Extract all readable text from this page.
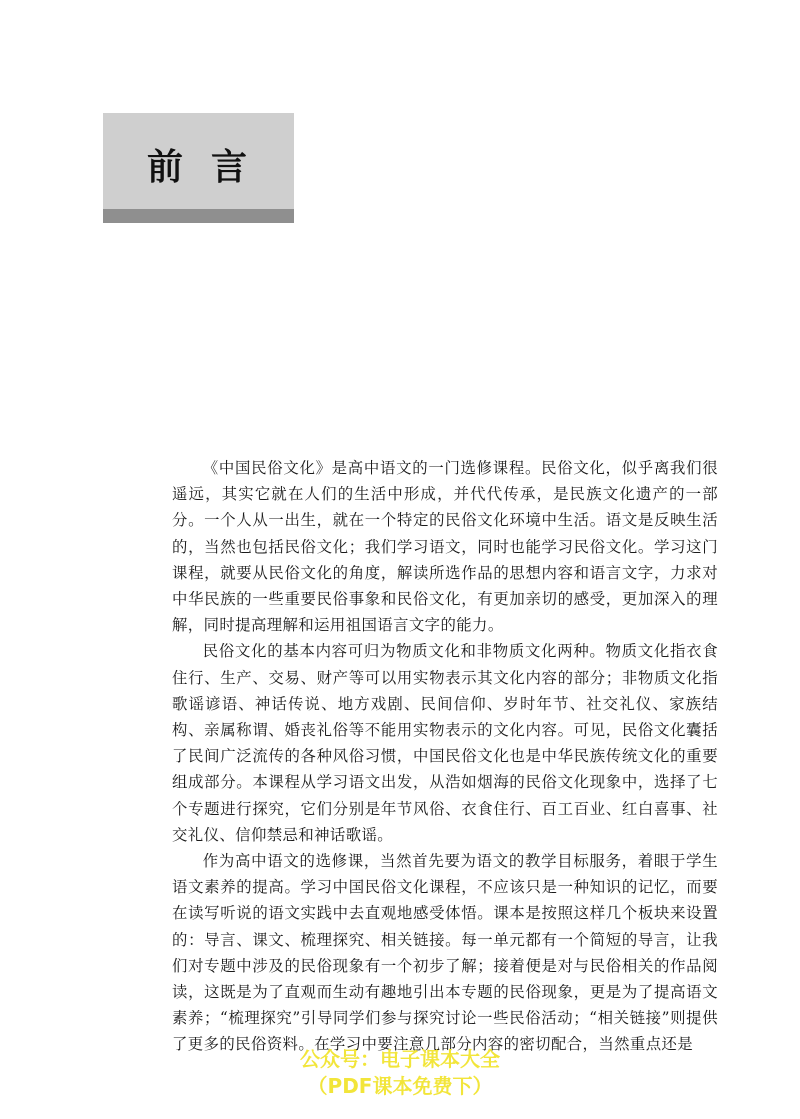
前言

《中国民俗文化》是高中语文的一门选修课程。民俗文化，似乎离我们很遥远，其实它就在人们的生活中形成，并代代传承，是民族文化遗产的一部分。一个人从一出生，就在一个特定的民俗文化环境中生活。语文是反映生活的，当然也包括民俗文化；我们学习语文，同时也能学习民俗文化。学习这门课程，就要从民俗文化的角度，解读所选作品的思想内容和语言文字，力求对中华民族的一些重要民俗事象和民俗文化，有更加亲切的感受，更加深入的理解，同时提高理解和运用祖国语言文字的能力。

民俗文化的基本内容可归为物质文化和非物质文化两种。物质文化指衣食住行、生产、交易、财产等可以用实物表示其文化内容的部分；非物质文化指歌谣谚语、神话传说、地方戏剧、民间信仰、岁时年节、社交礼仪、家族结构、亲属称谓、婚丧礼俗等不能用实物表示的文化内容。可见，民俗文化囊括了民间广泛流传的各种风俗习惯，中国民俗文化也是中华民族传统文化的重要组成部分。本课程从学习语文出发，从浩如烟海的民俗文化现象中，选择了七个专题进行探究，它们分别是年节风俗、衣食住行、百工百业、红白喜事、社交礼仪、信仰禁忌和神话歌谣。

作为高中语文的选修课，当然首先要为语文的教学目标服务，着眼于学生语文素养的提高。学习中国民俗文化课程，不应该只是一种知识的记忆，而要在读写听说的语文实践中去直观地感受体悟。课本是按照这样几个板块来设置的：导言、课文、梳理探究、相关链接。每一单元都有一个简短的导言，让我们对专题中涉及的民俗现象有一个初步了解；接着便是对与民俗相关的作品阅读，这既是为了直观而生动有趣地引出本专题的民俗现象，更是为了提高语文素养；“梳理探究”引导同学们参与探究讨论一些民俗活动；“相关链接”则提供了更多的民俗资料。在学习中要注意几部分内容的密切配合，当然重点还是

公众号：电子课本大全
（PDF课本免费下）
